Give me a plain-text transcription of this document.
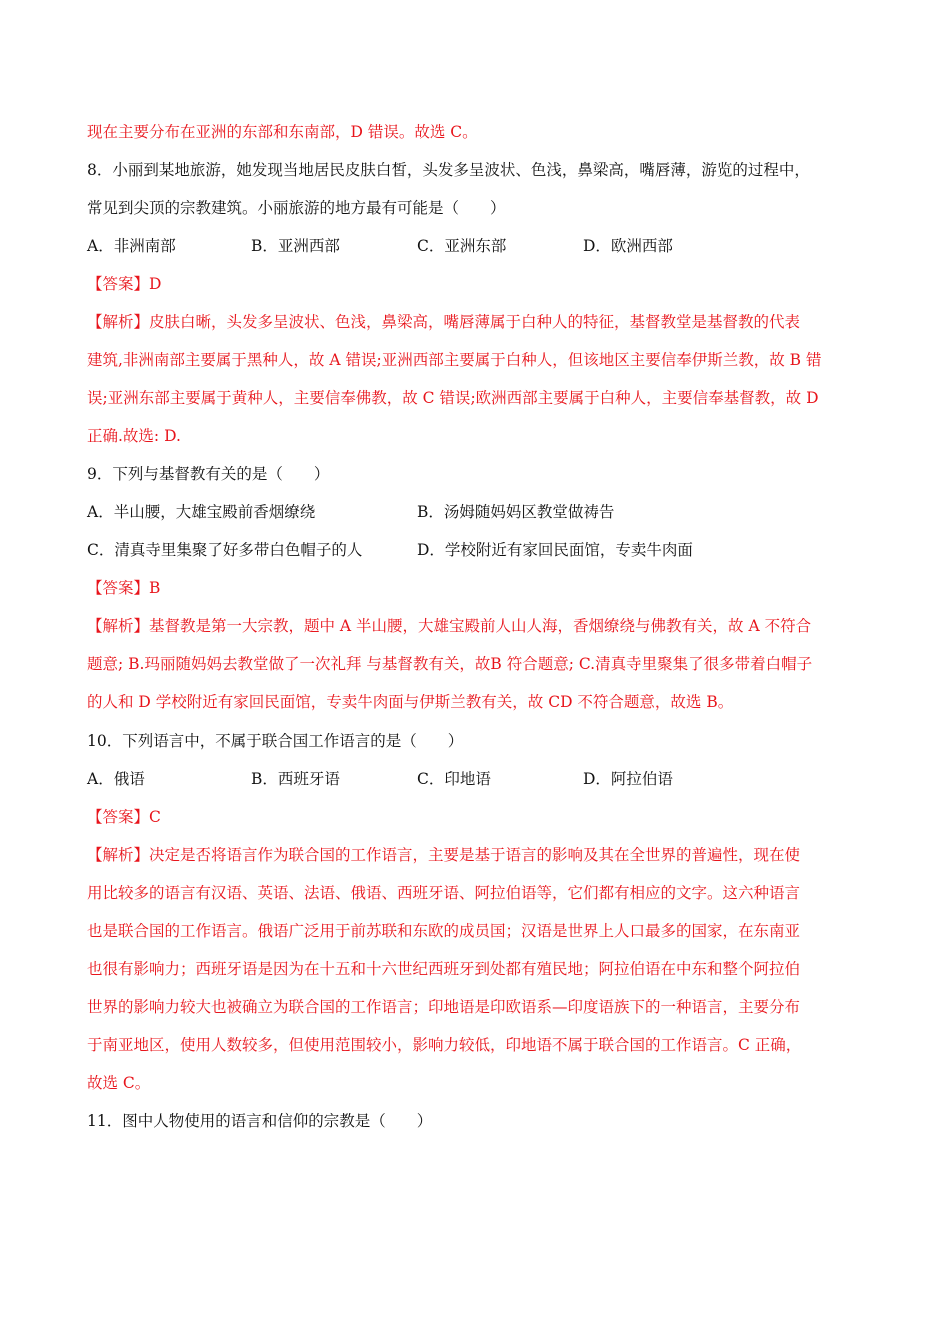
现在主要分布在亚洲的东部和东南部，D 错误。故选 C。
8．小丽到某地旅游，她发现当地居民皮肤白皙，头发多呈波状、色浅，鼻梁高，嘴唇薄，游览的过程中，
常见到尖顶的宗教建筑。小丽旅游的地方最有可能是（　　）
A．非洲南部	B．亚洲西部	C．亚洲东部	D．欧洲西部
【答案】D
【解析】皮肤白晰，头发多呈波状、色浅，鼻梁高，嘴唇薄属于白种人的特征，基督教堂是基督教的代表
建筑,非洲南部主要属于黑种人，故 A 错误;亚洲西部主要属于白种人，但该地区主要信奉伊斯兰教，故 B 错
误;亚洲东部主要属于黄种人，主要信奉佛教，故 C 错误;欧洲西部主要属于白种人，主要信奉基督教，故 D
正确.故选: D.
9．下列与基督教有关的是（　　）
A．半山腰，大雄宝殿前香烟缭绕	B．汤姆随妈妈区教堂做祷告
C．清真寺里集聚了好多带白色帽子的人	D．学校附近有家回民面馆，专卖牛肉面
【答案】B
【解析】基督教是第一大宗教，题中 A 半山腰，大雄宝殿前人山人海，香烟缭绕与佛教有关，故 A 不符合
题意; B.玛丽随妈妈去教堂做了一次礼拜 与基督教有关，故B 符合题意; C.清真寺里聚集了很多带着白帽子
的人和 D 学校附近有家回民面馆，专卖牛肉面与伊斯兰教有关，故 CD 不符合题意，故选 B。
10．下列语言中，不属于联合国工作语言的是（　　）
A．俄语	B．西班牙语	C．印地语	D．阿拉伯语
【答案】C
【解析】决定是否将语言作为联合国的工作语言，主要是基于语言的影响及其在全世界的普遍性，现在使
用比较多的语言有汉语、英语、法语、俄语、西班牙语、阿拉伯语等，它们都有相应的文字。这六种语言
也是联合国的工作语言。俄语广泛用于前苏联和东欧的成员国；汉语是世界上人口最多的国家，在东南亚
也很有影响力；西班牙语是因为在十五和十六世纪西班牙到处都有殖民地；阿拉伯语在中东和整个阿拉伯
世界的影响力较大也被确立为联合国的工作语言；印地语是印欧语系—印度语族下的一种语言，主要分布
于南亚地区，使用人数较多，但使用范围较小，影响力较低，印地语不属于联合国的工作语言。C 正确，
故选 C。
11．图中人物使用的语言和信仰的宗教是（　　）
